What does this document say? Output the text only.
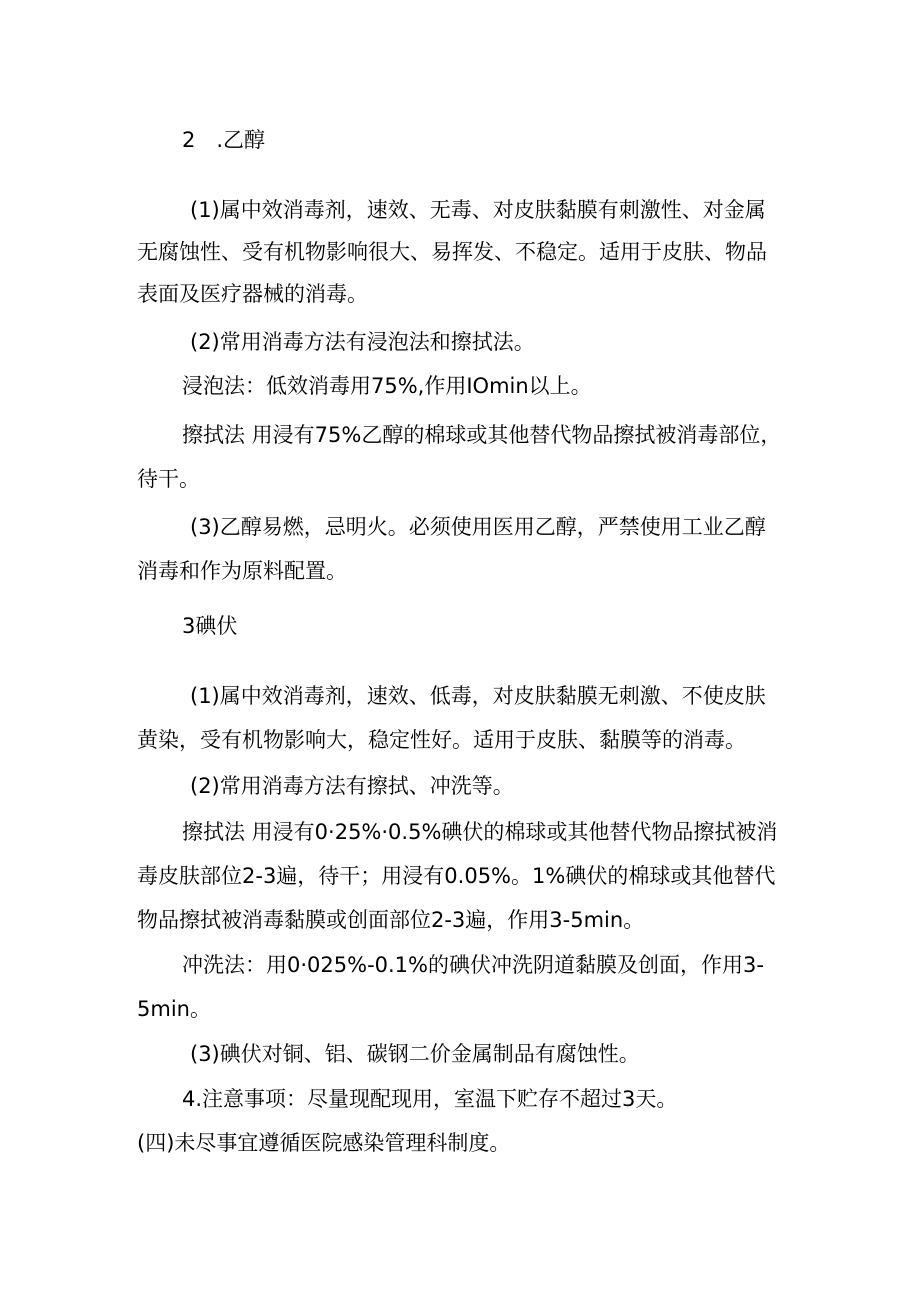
2　.乙醇
(1)属中效消毒剂，速效、无毒、对皮肤黏膜有刺激性、对金属
无腐蚀性、受有机物影响很大、易挥发、不稳定。适用于皮肤、物品
表面及医疗器械的消毒。
(2)常用消毒方法有浸泡法和擦拭法。
浸泡法：低效消毒用75%,作用IOmin以上。
擦拭法 用浸有75%乙醇的棉球或其他替代物品擦拭被消毒部位，
待干。
(3)乙醇易燃，忌明火。必须使用医用乙醇，严禁使用工业乙醇
消毒和作为原料配置。
3碘伏
(1)属中效消毒剂，速效、低毒，对皮肤黏膜无刺激、不使皮肤
黄染，受有机物影响大，稳定性好。适用于皮肤、黏膜等的消毒。
(2)常用消毒方法有擦拭、冲洗等。
擦拭法 用浸有0·25%·0.5%碘伏的棉球或其他替代物品擦拭被消
毒皮肤部位2-3遍，待干；用浸有0.05%。1%碘伏的棉球或其他替代
物品擦拭被消毒黏膜或创面部位2-3遍，作用3-5min。
冲洗法：用0·025%-0.1%的碘伏冲洗阴道黏膜及创面，作用3-
5min。
(3)碘伏对铜、铝、碳钢二价金属制品有腐蚀性。
4.注意事项：尽量现配现用，室温下贮存不超过3天。
(四)未尽事宜遵循医院感染管理科制度。
